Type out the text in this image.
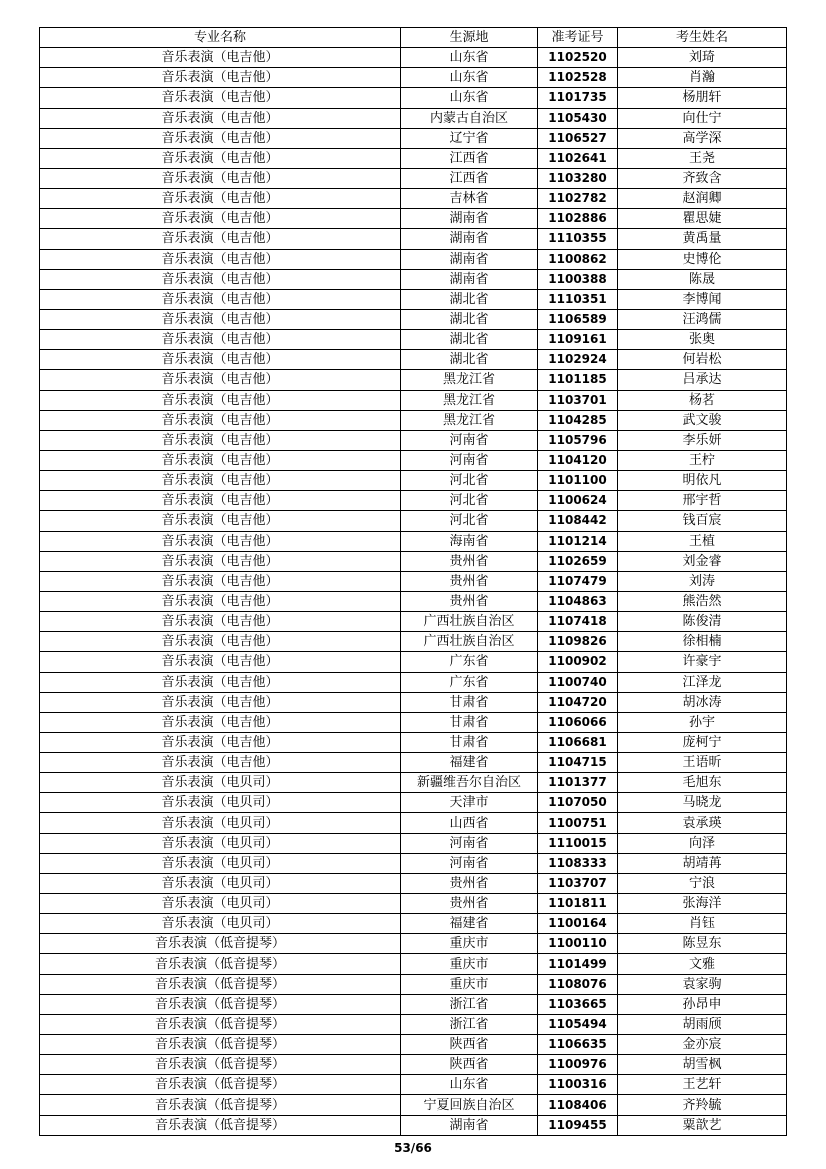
专业名称	生源地	准考证号	考生姓名
音乐表演（电吉他）	山东省	1102520	刘琦
音乐表演（电吉他）	山东省	1102528	肖瀚
音乐表演（电吉他）	山东省	1101735	杨朋轩
音乐表演（电吉他）	内蒙古自治区	1105430	向仕宁
音乐表演（电吉他）	辽宁省	1106527	高学深
音乐表演（电吉他）	江西省	1102641	王尧
音乐表演（电吉他）	江西省	1103280	齐致含
音乐表演（电吉他）	吉林省	1102782	赵润卿
音乐表演（电吉他）	湖南省	1102886	瞿思婕
音乐表演（电吉他）	湖南省	1110355	黄禹量
音乐表演（电吉他）	湖南省	1100862	史博伦
音乐表演（电吉他）	湖南省	1100388	陈晟
音乐表演（电吉他）	湖北省	1110351	李博闻
音乐表演（电吉他）	湖北省	1106589	汪鸿儒
音乐表演（电吉他）	湖北省	1109161	张奥
音乐表演（电吉他）	湖北省	1102924	何岩松
音乐表演（电吉他）	黑龙江省	1101185	吕承达
音乐表演（电吉他）	黑龙江省	1103701	杨茗
音乐表演（电吉他）	黑龙江省	1104285	武文骏
音乐表演（电吉他）	河南省	1105796	李乐妍
音乐表演（电吉他）	河南省	1104120	王柠
音乐表演（电吉他）	河北省	1101100	明依凡
音乐表演（电吉他）	河北省	1100624	邢宇哲
音乐表演（电吉他）	河北省	1108442	钱百宸
音乐表演（电吉他）	海南省	1101214	王植
音乐表演（电吉他）	贵州省	1102659	刘金睿
音乐表演（电吉他）	贵州省	1107479	刘涛
音乐表演（电吉他）	贵州省	1104863	熊浩然
音乐表演（电吉他）	广西壮族自治区	1107418	陈俊清
音乐表演（电吉他）	广西壮族自治区	1109826	徐相楠
音乐表演（电吉他）	广东省	1100902	许豪宇
音乐表演（电吉他）	广东省	1100740	江泽龙
音乐表演（电吉他）	甘肃省	1104720	胡冰涛
音乐表演（电吉他）	甘肃省	1106066	孙宇
音乐表演（电吉他）	甘肃省	1106681	庞柯宁
音乐表演（电吉他）	福建省	1104715	王语昕
音乐表演（电贝司）	新疆维吾尔自治区	1101377	毛旭东
音乐表演（电贝司）	天津市	1107050	马晓龙
音乐表演（电贝司）	山西省	1100751	袁承瑛
音乐表演（电贝司）	河南省	1110015	向泽
音乐表演（电贝司）	河南省	1108333	胡靖苒
音乐表演（电贝司）	贵州省	1103707	宁浪
音乐表演（电贝司）	贵州省	1101811	张海洋
音乐表演（电贝司）	福建省	1100164	肖钰
音乐表演（低音提琴）	重庆市	1100110	陈昱东
音乐表演（低音提琴）	重庆市	1101499	文雅
音乐表演（低音提琴）	重庆市	1108076	袁家驹
音乐表演（低音提琴）	浙江省	1103665	孙昂申
音乐表演（低音提琴）	浙江省	1105494	胡雨颀
音乐表演（低音提琴）	陕西省	1106635	金亦宸
音乐表演（低音提琴）	陕西省	1100976	胡雪枫
音乐表演（低音提琴）	山东省	1100316	王艺轩
音乐表演（低音提琴）	宁夏回族自治区	1108406	齐羚毓
音乐表演（低音提琴）	湖南省	1109455	粟歆艺
53/66
